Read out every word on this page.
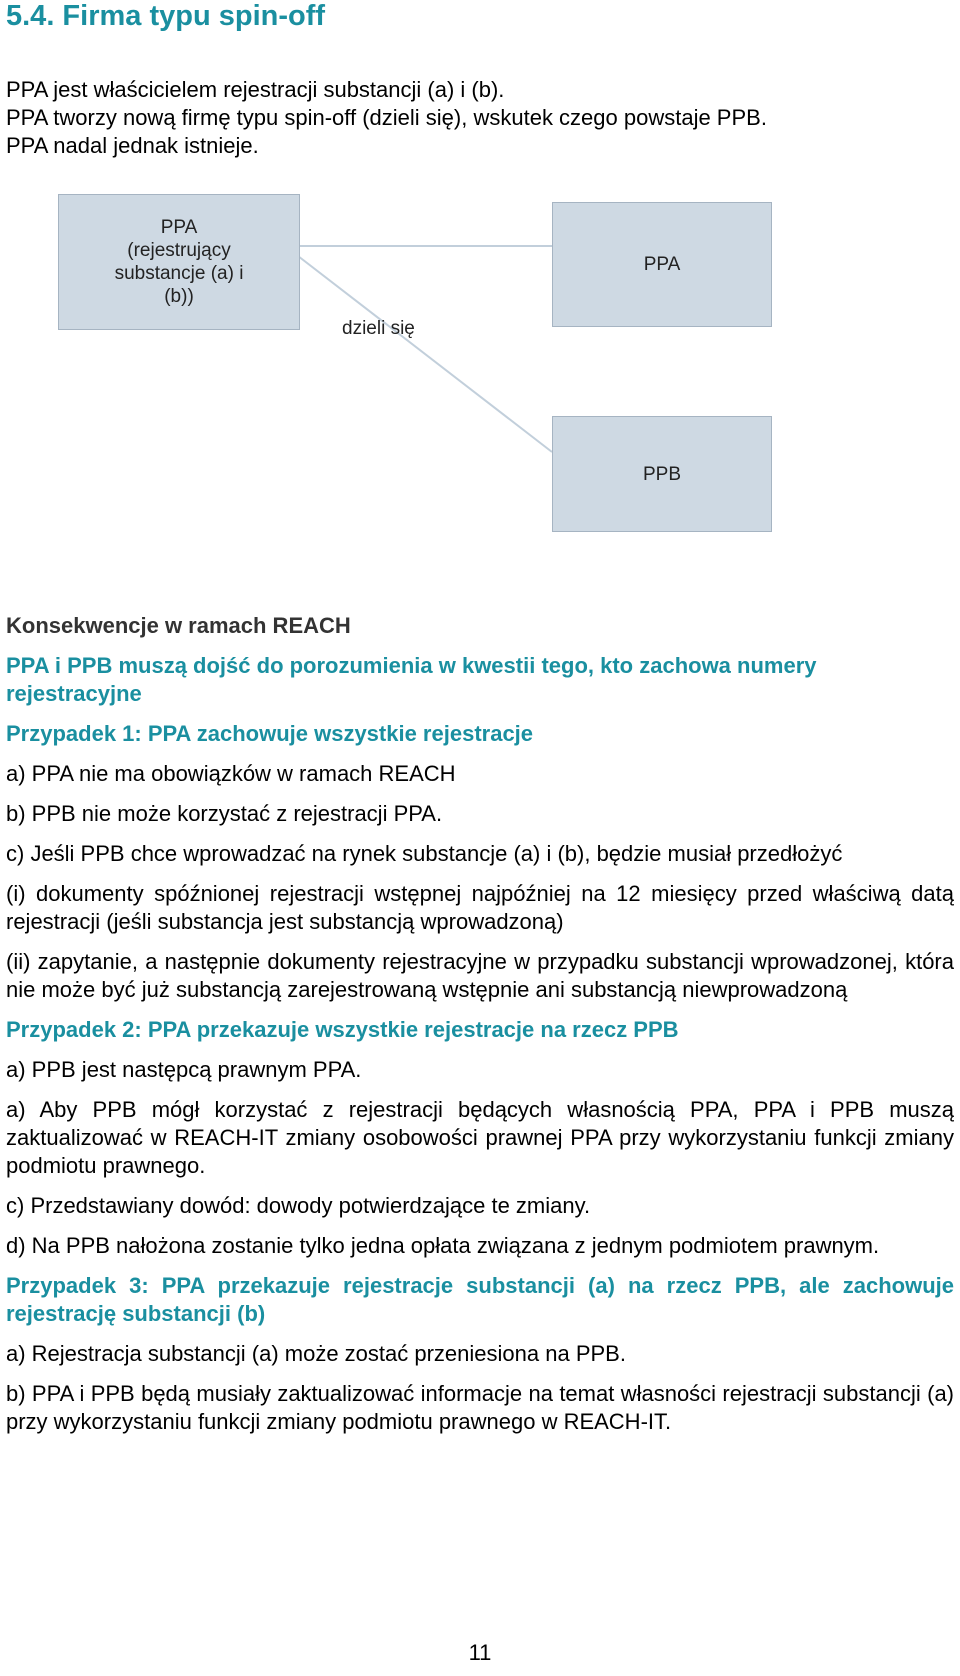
5.4. Firma typu spin-off

PPA jest właścicielem rejestracji substancji (a) i (b).

PPA tworzy nową firmę typu spin-off (dzieli się), wskutek czego powstaje PPB.

PPA nadal jednak istnieje.

PPA
(rejestrujący
substancje (a) i
(b))
dzieli się
PPA
PPB

Konsekwencje w ramach REACH

PPA i PPB muszą dojść do porozumienia w kwestii tego, kto zachowa numery rejestracyjne

Przypadek 1: PPA zachowuje wszystkie rejestracje

a) PPA nie ma obowiązków w ramach REACH

b) PPB nie może korzystać z rejestracji PPA.

c) Jeśli PPB chce wprowadzać na rynek substancje (a) i (b), będzie musiał przedłożyć

(i) dokumenty spóźnionej rejestracji wstępnej najpóźniej na 12 miesięcy przed właściwą datą rejestracji (jeśli substancja jest substancją wprowadzoną)

(ii) zapytanie, a następnie dokumenty rejestracyjne w przypadku substancji wprowadzonej, która nie może być już substancją zarejestrowaną wstępnie ani substancją niewprowadzoną

Przypadek 2: PPA przekazuje wszystkie rejestracje na rzecz PPB

a) PPB jest następcą prawnym PPA.

a) Aby PPB mógł korzystać z rejestracji będących własnością PPA, PPA i PPB muszą zaktualizować w REACH-IT zmiany osobowości prawnej PPA przy wykorzystaniu funkcji zmiany podmiotu prawnego.

c) Przedstawiany dowód: dowody potwierdzające te zmiany.

d) Na PPB nałożona zostanie tylko jedna opłata związana z jednym podmiotem prawnym.

Przypadek 3: PPA przekazuje rejestracje substancji (a) na rzecz PPB, ale zachowuje rejestrację substancji (b)

a) Rejestracja substancji (a) może zostać przeniesiona na PPB.

b) PPA i PPB będą musiały zaktualizować informacje na temat własności rejestracji substancji (a) przy wykorzystaniu funkcji zmiany podmiotu prawnego w REACH-IT.

11
